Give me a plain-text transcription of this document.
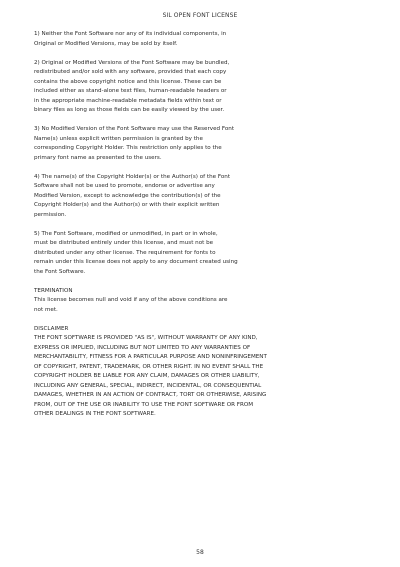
SIL OPEN FONT LICENSE

1) Neither the Font Software nor any of its individual components, in
Original or Modified Versions, may be sold by itself.

2) Original or Modified Versions of the Font Software may be bundled,
redistributed and/or sold with any software, provided that each copy
contains the above copyright notice and this license. These can be
included either as stand-alone text files, human-readable headers or
in the appropriate machine-readable metadata fields within text or
binary files as long as those fields can be easily viewed by the user.

3) No Modified Version of the Font Software may use the Reserved Font
Name(s) unless explicit written permission is granted by the
corresponding Copyright Holder. This restriction only applies to the
primary font name as presented to the users.

4) The name(s) of the Copyright Holder(s) or the Author(s) of the Font
Software shall not be used to promote, endorse or advertise any
Modified Version, except to acknowledge the contribution(s) of the
Copyright Holder(s) and the Author(s) or with their explicit written
permission.

5) The Font Software, modified or unmodified, in part or in whole,
must be distributed entirely under this license, and must not be
distributed under any other license. The requirement for fonts to
remain under this license does not apply to any document created using
the Font Software.

TERMINATION
This license becomes null and void if any of the above conditions are
not met.

DISCLAIMER
THE FONT SOFTWARE IS PROVIDED "AS IS", WITHOUT WARRANTY OF ANY KIND,
EXPRESS OR IMPLIED, INCLUDING BUT NOT LIMITED TO ANY WARRANTIES OF
MERCHANTABILITY, FITNESS FOR A PARTICULAR PURPOSE AND NONINFRINGEMENT
OF COPYRIGHT, PATENT, TRADEMARK, OR OTHER RIGHT. IN NO EVENT SHALL THE
COPYRIGHT HOLDER BE LIABLE FOR ANY CLAIM, DAMAGES OR OTHER LIABILITY,
INCLUDING ANY GENERAL, SPECIAL, INDIRECT, INCIDENTAL, OR CONSEQUENTIAL
DAMAGES, WHETHER IN AN ACTION OF CONTRACT, TORT OR OTHERWISE, ARISING
FROM, OUT OF THE USE OR INABILITY TO USE THE FONT SOFTWARE OR FROM
OTHER DEALINGS IN THE FONT SOFTWARE.

58
